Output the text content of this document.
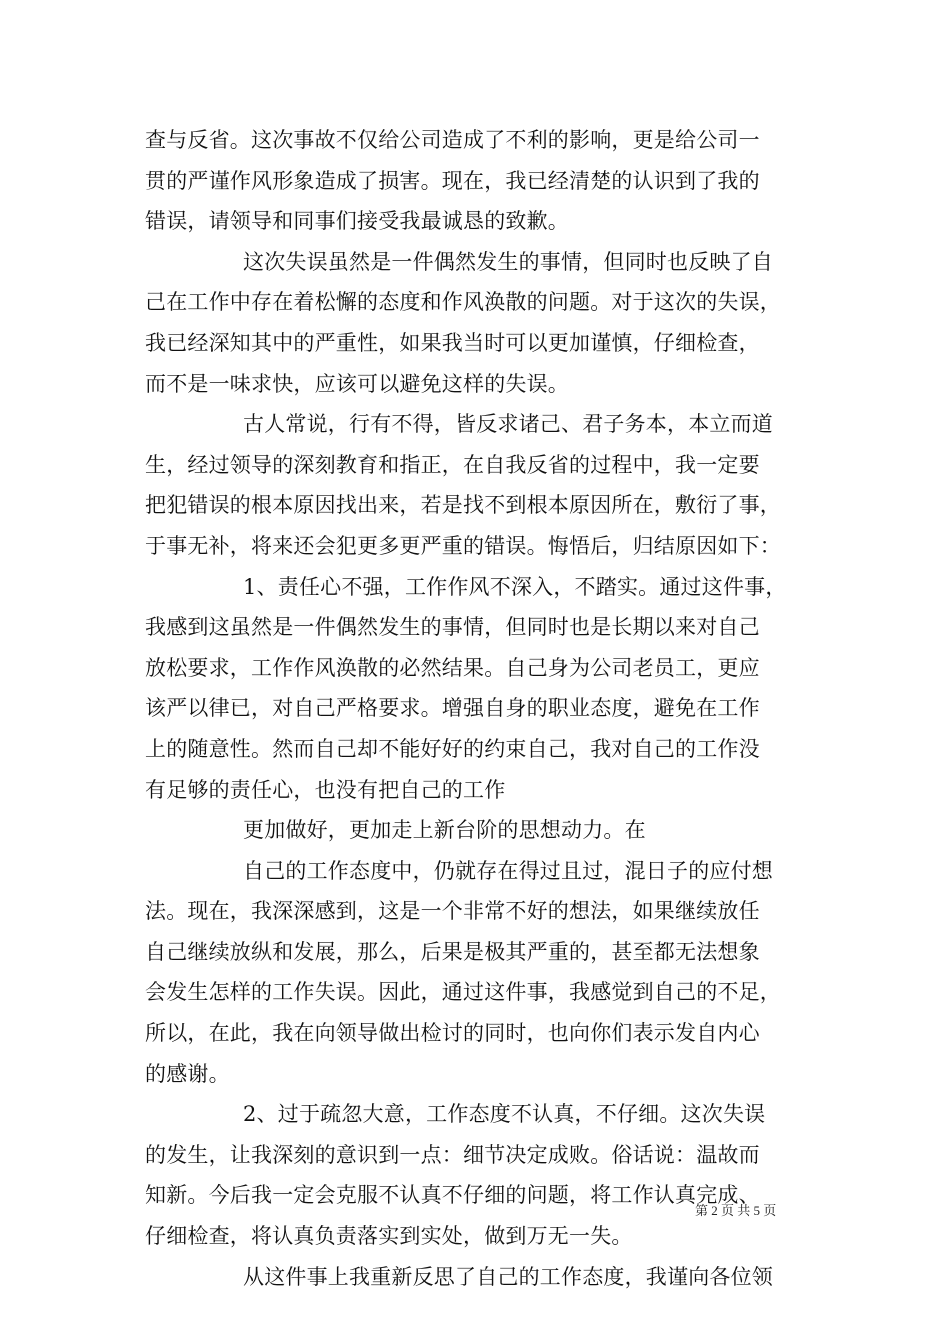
查与反省。这次事故不仅给公司造成了不利的影响，更是给公司一
贯的严谨作风形象造成了损害。现在，我已经清楚的认识到了我的
错误，请领导和同事们接受我最诚恳的致歉。
这次失误虽然是一件偶然发生的事情，但同时也反映了自
己在工作中存在着松懈的态度和作风涣散的问题。对于这次的失误，
我已经深知其中的严重性，如果我当时可以更加谨慎，仔细检查，
而不是一味求快，应该可以避免这样的失误。
古人常说，行有不得，皆反求诸己、君子务本，本立而道
生，经过领导的深刻教育和指正，在自我反省的过程中，我一定要
把犯错误的根本原因找出来，若是找不到根本原因所在，敷衍了事，
于事无补，将来还会犯更多更严重的错误。悔悟后，归结原因如下：
1、责任心不强，工作作风不深入，不踏实。通过这件事，
我感到这虽然是一件偶然发生的事情，但同时也是长期以来对自己
放松要求，工作作风涣散的必然结果。自己身为公司老员工，更应
该严以律已，对自己严格要求。增强自身的职业态度，避免在工作
上的随意性。然而自己却不能好好的约束自己，我对自己的工作没
有足够的责任心，也没有把自己的工作
更加做好，更加走上新台阶的思想动力。在
自己的工作态度中，仍就存在得过且过，混日子的应付想
法。现在，我深深感到，这是一个非常不好的想法，如果继续放任
自己继续放纵和发展，那么，后果是极其严重的，甚至都无法想象
会发生怎样的工作失误。因此，通过这件事，我感觉到自己的不足，
所以，在此，我在向领导做出检讨的同时，也向你们表示发自内心
的感谢。
2、过于疏忽大意，工作态度不认真，不仔细。这次失误
的发生，让我深刻的意识到一点：细节决定成败。俗话说：温故而
知新。今后我一定会克服不认真不仔细的问题，将工作认真完成、
仔细检查，将认真负责落实到实处，做到万无一失。
从这件事上我重新反思了自己的工作态度，我谨向各位领
第 2 页 共 5 页
